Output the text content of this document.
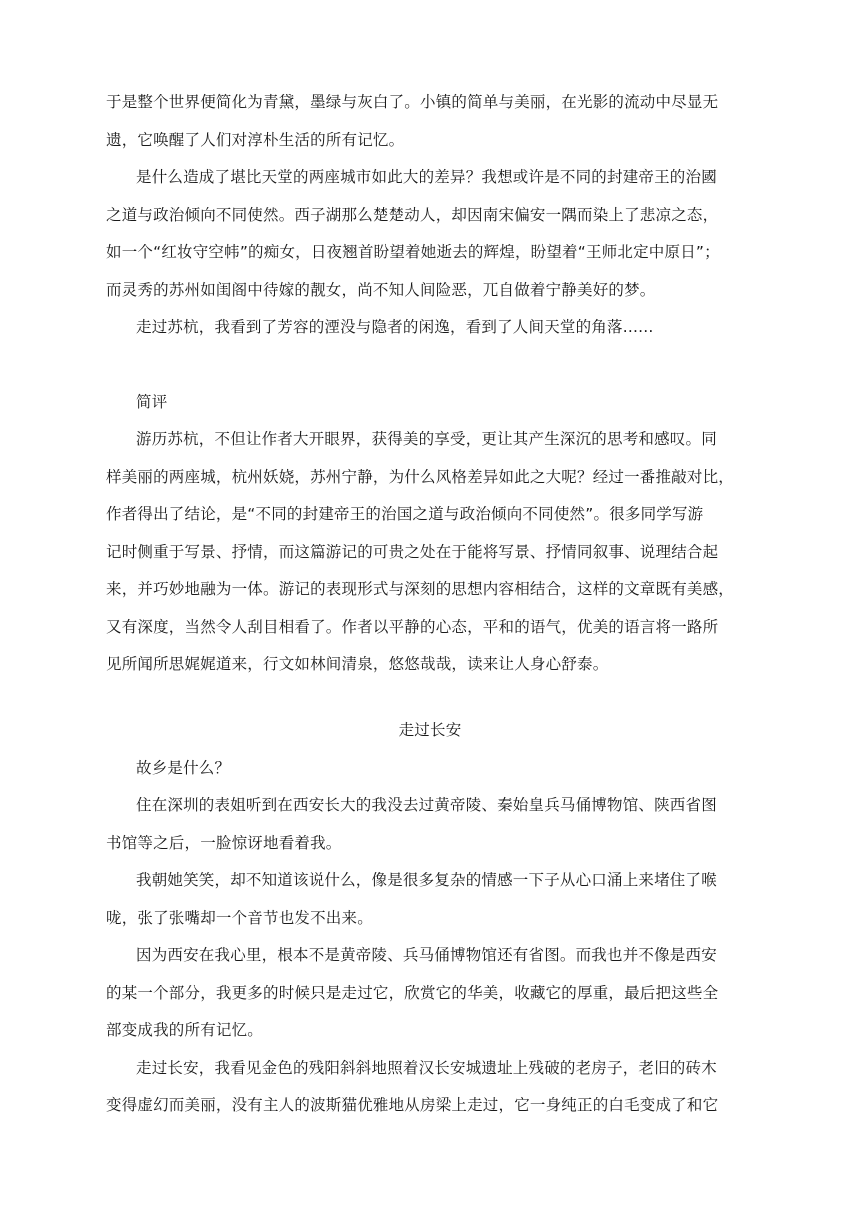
于是整个世界便简化为青黛，墨绿与灰白了。小镇的简单与美丽，在光影的流动中尽显无
遗，它唤醒了人们对淳朴生活的所有记忆。
是什么造成了堪比天堂的两座城市如此大的差异？我想或许是不同的封建帝王的治國
之道与政治倾向不同使然。西子湖那么楚楚动人，却因南宋偏安一隅而染上了悲凉之态，
如一个“红妆守空帏”的痴女，日夜翘首盼望着她逝去的辉煌，盼望着“王师北定中原日”；
而灵秀的苏州如闺阁中待嫁的靓女，尚不知人间险恶，兀自做着宁静美好的梦。
走过苏杭，我看到了芳容的湮没与隐者的闲逸，看到了人间天堂的角落......
简评
游历苏杭，不但让作者大开眼界，获得美的享受，更让其产生深沉的思考和感叹。同
样美丽的两座城，杭州妖娆，苏州宁静，为什么风格差异如此之大呢？经过一番推敲对比，
作者得出了结论，是“不同的封建帝王的治国之道与政治倾向不同使然”。很多同学写游
记时侧重于写景、抒情，而这篇游记的可贵之处在于能将写景、抒情同叙事、说理结合起
来，并巧妙地融为一体。游记的表现形式与深刻的思想内容相结合，这样的文章既有美感，
又有深度，当然令人刮目相看了。作者以平静的心态，平和的语气，优美的语言将一路所
见所闻所思娓娓道来，行文如林间清泉，悠悠哉哉，读来让人身心舒泰。
走过长安
故乡是什么？
住在深圳的表姐听到在西安长大的我没去过黄帝陵、秦始皇兵马俑博物馆、陕西省图
书馆等之后，一脸惊讶地看着我。
我朝她笑笑，却不知道该说什么，像是很多复杂的情感一下子从心口涌上来堵住了喉
咙，张了张嘴却一个音节也发不出来。
因为西安在我心里，根本不是黄帝陵、兵马俑博物馆还有省图。而我也并不像是西安
的某一个部分，我更多的时候只是走过它，欣赏它的华美，收藏它的厚重，最后把这些全
部变成我的所有记忆。
走过长安，我看见金色的残阳斜斜地照着汉长安城遗址上残破的老房子，老旧的砖木
变得虚幻而美丽，没有主人的波斯猫优雅地从房梁上走过，它一身纯正的白毛变成了和它
